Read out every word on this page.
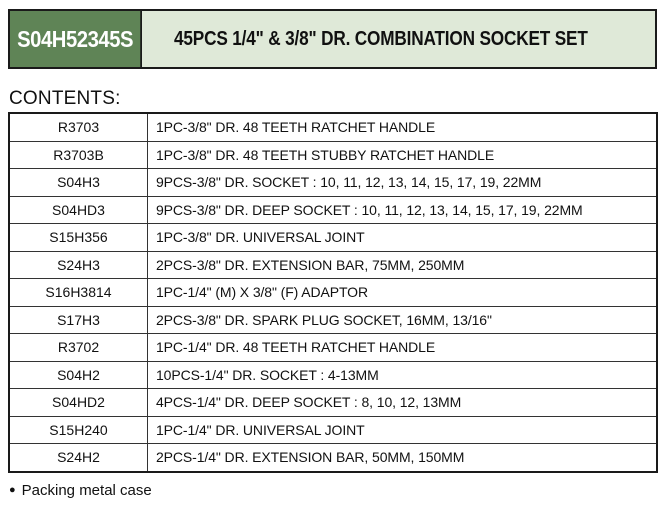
S04H52345S 45PCS 1/4" & 3/8" DR. COMBINATION SOCKET SET
CONTENTS:
R3703	1PC-3/8" DR. 48 TEETH RATCHET HANDLE
R3703B	1PC-3/8" DR. 48 TEETH STUBBY RATCHET HANDLE
S04H3	9PCS-3/8" DR. SOCKET : 10, 11, 12, 13, 14, 15, 17, 19, 22MM
S04HD3	9PCS-3/8" DR. DEEP SOCKET : 10, 11, 12, 13, 14, 15, 17, 19, 22MM
S15H356	1PC-3/8" DR. UNIVERSAL JOINT
S24H3	2PCS-3/8" DR. EXTENSION BAR, 75MM, 250MM
S16H3814	1PC-1/4" (M) X 3/8" (F) ADAPTOR
S17H3	2PCS-3/8" DR. SPARK PLUG SOCKET, 16MM, 13/16"
R3702	1PC-1/4" DR. 48 TEETH RATCHET HANDLE
S04H2	10PCS-1/4" DR. SOCKET : 4-13MM
S04HD2	4PCS-1/4" DR. DEEP SOCKET : 8, 10, 12, 13MM
S15H240	1PC-1/4" DR. UNIVERSAL JOINT
S24H2	2PCS-1/4" DR. EXTENSION BAR, 50MM, 150MM
● Packing metal case
